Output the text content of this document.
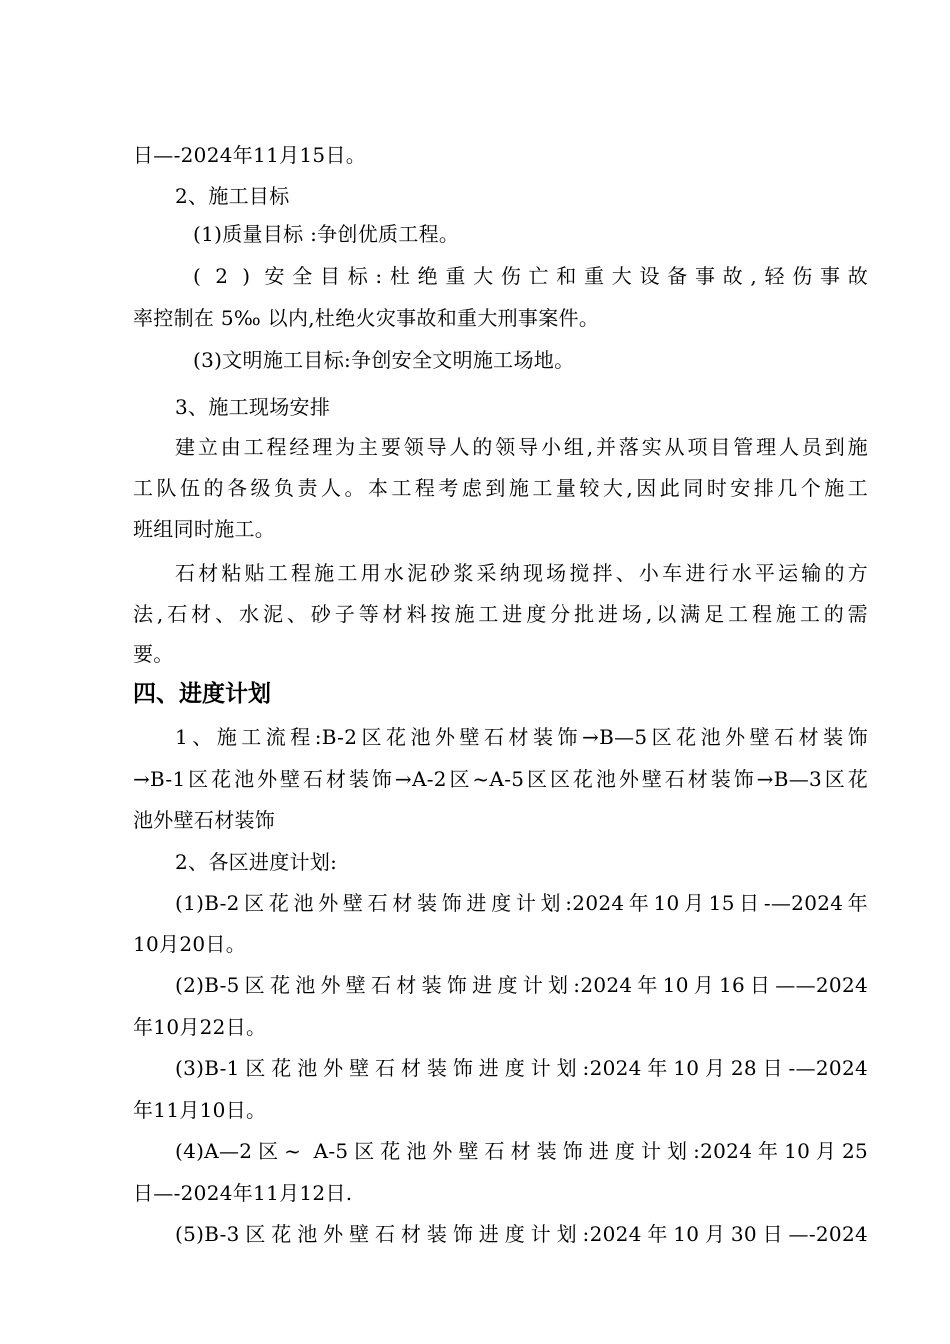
日—-2024年11月15日。
2、施工目标
(1)质量目标 :争创优质工程。
( 2 ) 安全目标:杜绝重大伤亡和重大设备事故,轻伤事故
率控制在 5‰ 以内,杜绝火灾事故和重大刑事案件。
(3)文明施工目标:争创安全文明施工场地。
3、施工现场安排
建立由工程经理为主要领导人的领导小组,并落实从项目管理人员到施
工队伍的各级负责人。本工程考虑到施工量较大,因此同时安排几个施工
班组同时施工。
石材粘贴工程施工用水泥砂浆采纳现场搅拌、小车进行水平运输的方
法,石材、水泥、砂子等材料按施工进度分批进场,以满足工程施工的需
要。
四、进度计划
1、施工流程:B-2区花池外壁石材装饰→B—5区花池外壁石材装饰
→B-1区花池外壁石材装饰→A-2区~A-5区区花池外壁石材装饰→B—3区花
池外壁石材装饰
2、各区进度计划:
(1)B-2区花池外壁石材装饰进度计划:2024年10月15日-—2024年
10月20日。
(2)B-5区花池外壁石材装饰进度计划:2024年10月16日——2024
年10月22日。
(3)B-1区花池外壁石材装饰进度计划:2024年10月28日-—2024
年11月10日。
(4)A—2区~ A-5区花池外壁石材装饰进度计划:2024年10月25
日—-2024年11月12日.
(5)B-3区花池外壁石材装饰进度计划:2024年10月30日—-2024
